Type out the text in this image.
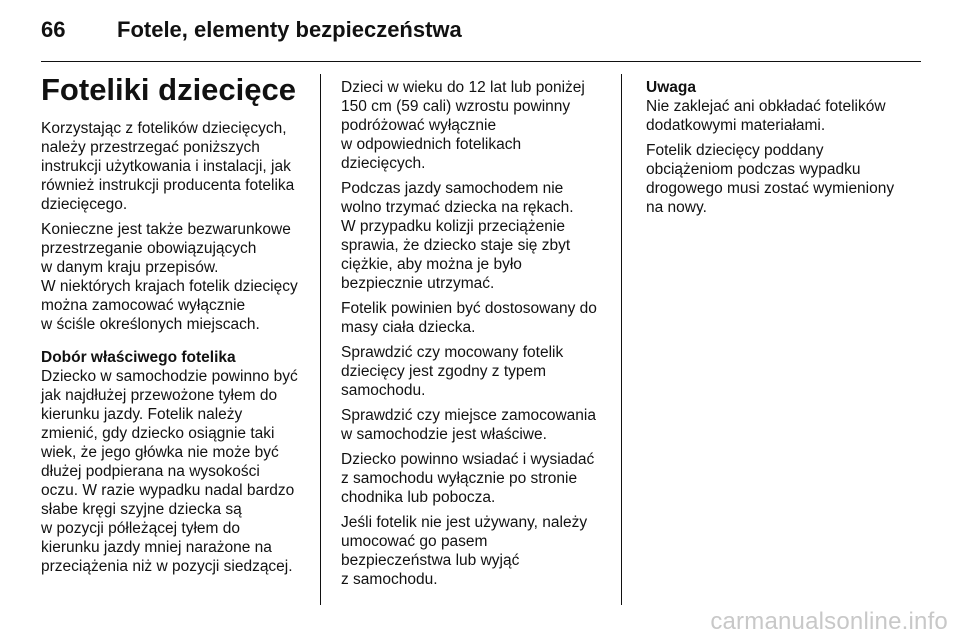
66 Fotele, elementy bezpieczeństwa
Foteliki dziecięce

Korzystając z fotelików dziecięcych,
należy przestrzegać poniższych
instrukcji użytkowania i instalacji, jak
również instrukcji producenta fotelika
dziecięcego.

Konieczne jest także bezwarunkowe
przestrzeganie obowiązujących
w danym kraju przepisów.
W niektórych krajach fotelik dziecięcy
można zamocować wyłącznie
w ściśle określonych miejscach.

Dobór właściwego fotelika

Dziecko w samochodzie powinno być
jak najdłużej przewożone tyłem do
kierunku jazdy. Fotelik należy
zmienić, gdy dziecko osiągnie taki
wiek, że jego główka nie może być
dłużej podpierana na wysokości
oczu. W razie wypadku nadal bardzo
słabe kręgi szyjne dziecka są
w pozycji półleżącej tyłem do
kierunku jazdy mniej narażone na
przeciążenia niż w pozycji siedzącej.

Dzieci w wieku do 12 lat lub poniżej
150 cm (59 cali) wzrostu powinny
podróżować wyłącznie
w odpowiednich fotelikach
dziecięcych.

Podczas jazdy samochodem nie
wolno trzymać dziecka na rękach.
W przypadku kolizji przeciążenie
sprawia, że dziecko staje się zbyt
ciężkie, aby można je było
bezpiecznie utrzymać.

Fotelik powinien być dostosowany do
masy ciała dziecka.

Sprawdzić czy mocowany fotelik
dziecięcy jest zgodny z typem
samochodu.

Sprawdzić czy miejsce zamocowania
w samochodzie jest właściwe.

Dziecko powinno wsiadać i wysiadać
z samochodu wyłącznie po stronie
chodnika lub pobocza.

Jeśli fotelik nie jest używany, należy
umocować go pasem
bezpieczeństwa lub wyjąć
z samochodu.

Uwaga

Nie zaklejać ani obkładać fotelików
dodatkowymi materiałami.

Fotelik dziecięcy poddany
obciążeniom podczas wypadku
drogowego musi zostać wymieniony
na nowy.

carmanualsonline.info
